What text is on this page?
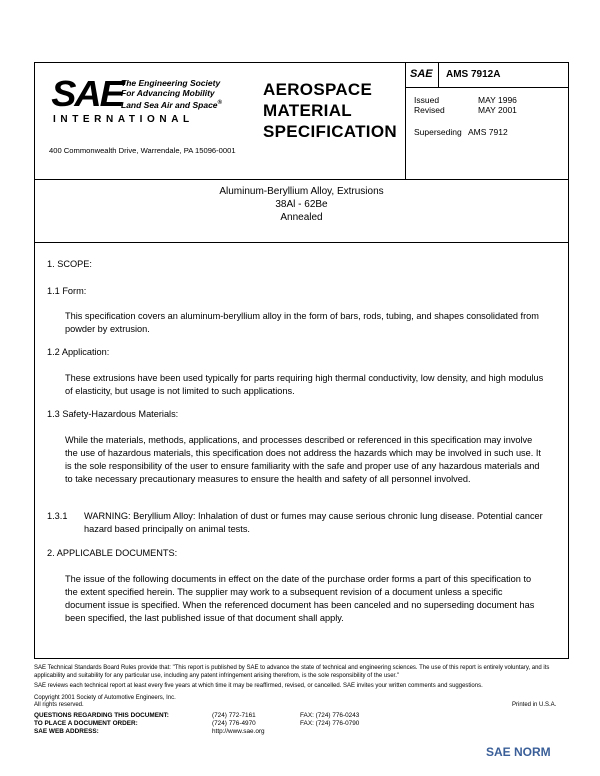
SAE
The Engineering Society
For Advancing Mobility
Land Sea Air and Space®
INTERNATIONAL
400 Commonwealth Drive, Warrendale, PA 15096-0001
AEROSPACE
MATERIAL
SPECIFICATION
SAE AMS 7912A
Issued	MAY 1996
Revised	MAY 2001
Superseding AMS 7912
Aluminum-Beryllium Alloy, Extrusions
38Al - 62Be
Annealed
1. SCOPE:
1.1 Form:
This specification covers an aluminum-beryllium alloy in the form of bars, rods, tubing, and shapes consolidated from powder by extrusion.
1.2 Application:
These extrusions have been used typically for parts requiring high thermal conductivity, low density, and high modulus of elasticity, but usage is not limited to such applications.
1.3 Safety-Hazardous Materials:
While the materials, methods, applications, and processes described or referenced in this specification may involve the use of hazardous materials, this specification does not address the hazards which may be involved in such use. It is the sole responsibility of the user to ensure familiarity with the safe and proper use of any hazardous materials and to take necessary precautionary measures to ensure the health and safety of all personnel involved.
1.3.1 WARNING: Beryllium Alloy: Inhalation of dust or fumes may cause serious chronic lung disease. Potential cancer hazard based principally on animal tests.
2. APPLICABLE DOCUMENTS:
The issue of the following documents in effect on the date of the purchase order forms a part of this specification to the extent specified herein. The supplier may work to a subsequent revision of a document unless a specific document issue is specified. When the referenced document has been canceled and no superseding document has been specified, the last published issue of that document shall apply.
SAE Technical Standards Board Rules provide that: "This report is published by SAE to advance the state of technical and engineering sciences. The use of this report is entirely voluntary, and its applicability and suitability for any particular use, including any patent infringement arising therefrom, is the sole responsibility of the user."
SAE reviews each technical report at least every five years at which time it may be reaffirmed, revised, or cancelled. SAE invites your written comments and suggestions.
Copyright 2001 Society of Automotive Engineers, Inc.
All rights reserved.	Printed in U.S.A.
QUESTIONS REGARDING THIS DOCUMENT:	(724) 772-7161	FAX: (724) 776-0243
TO PLACE A DOCUMENT ORDER:	(724) 776-4970	FAX: (724) 776-0790
SAE WEB ADDRESS:	http://www.sae.org
SAE NORM
